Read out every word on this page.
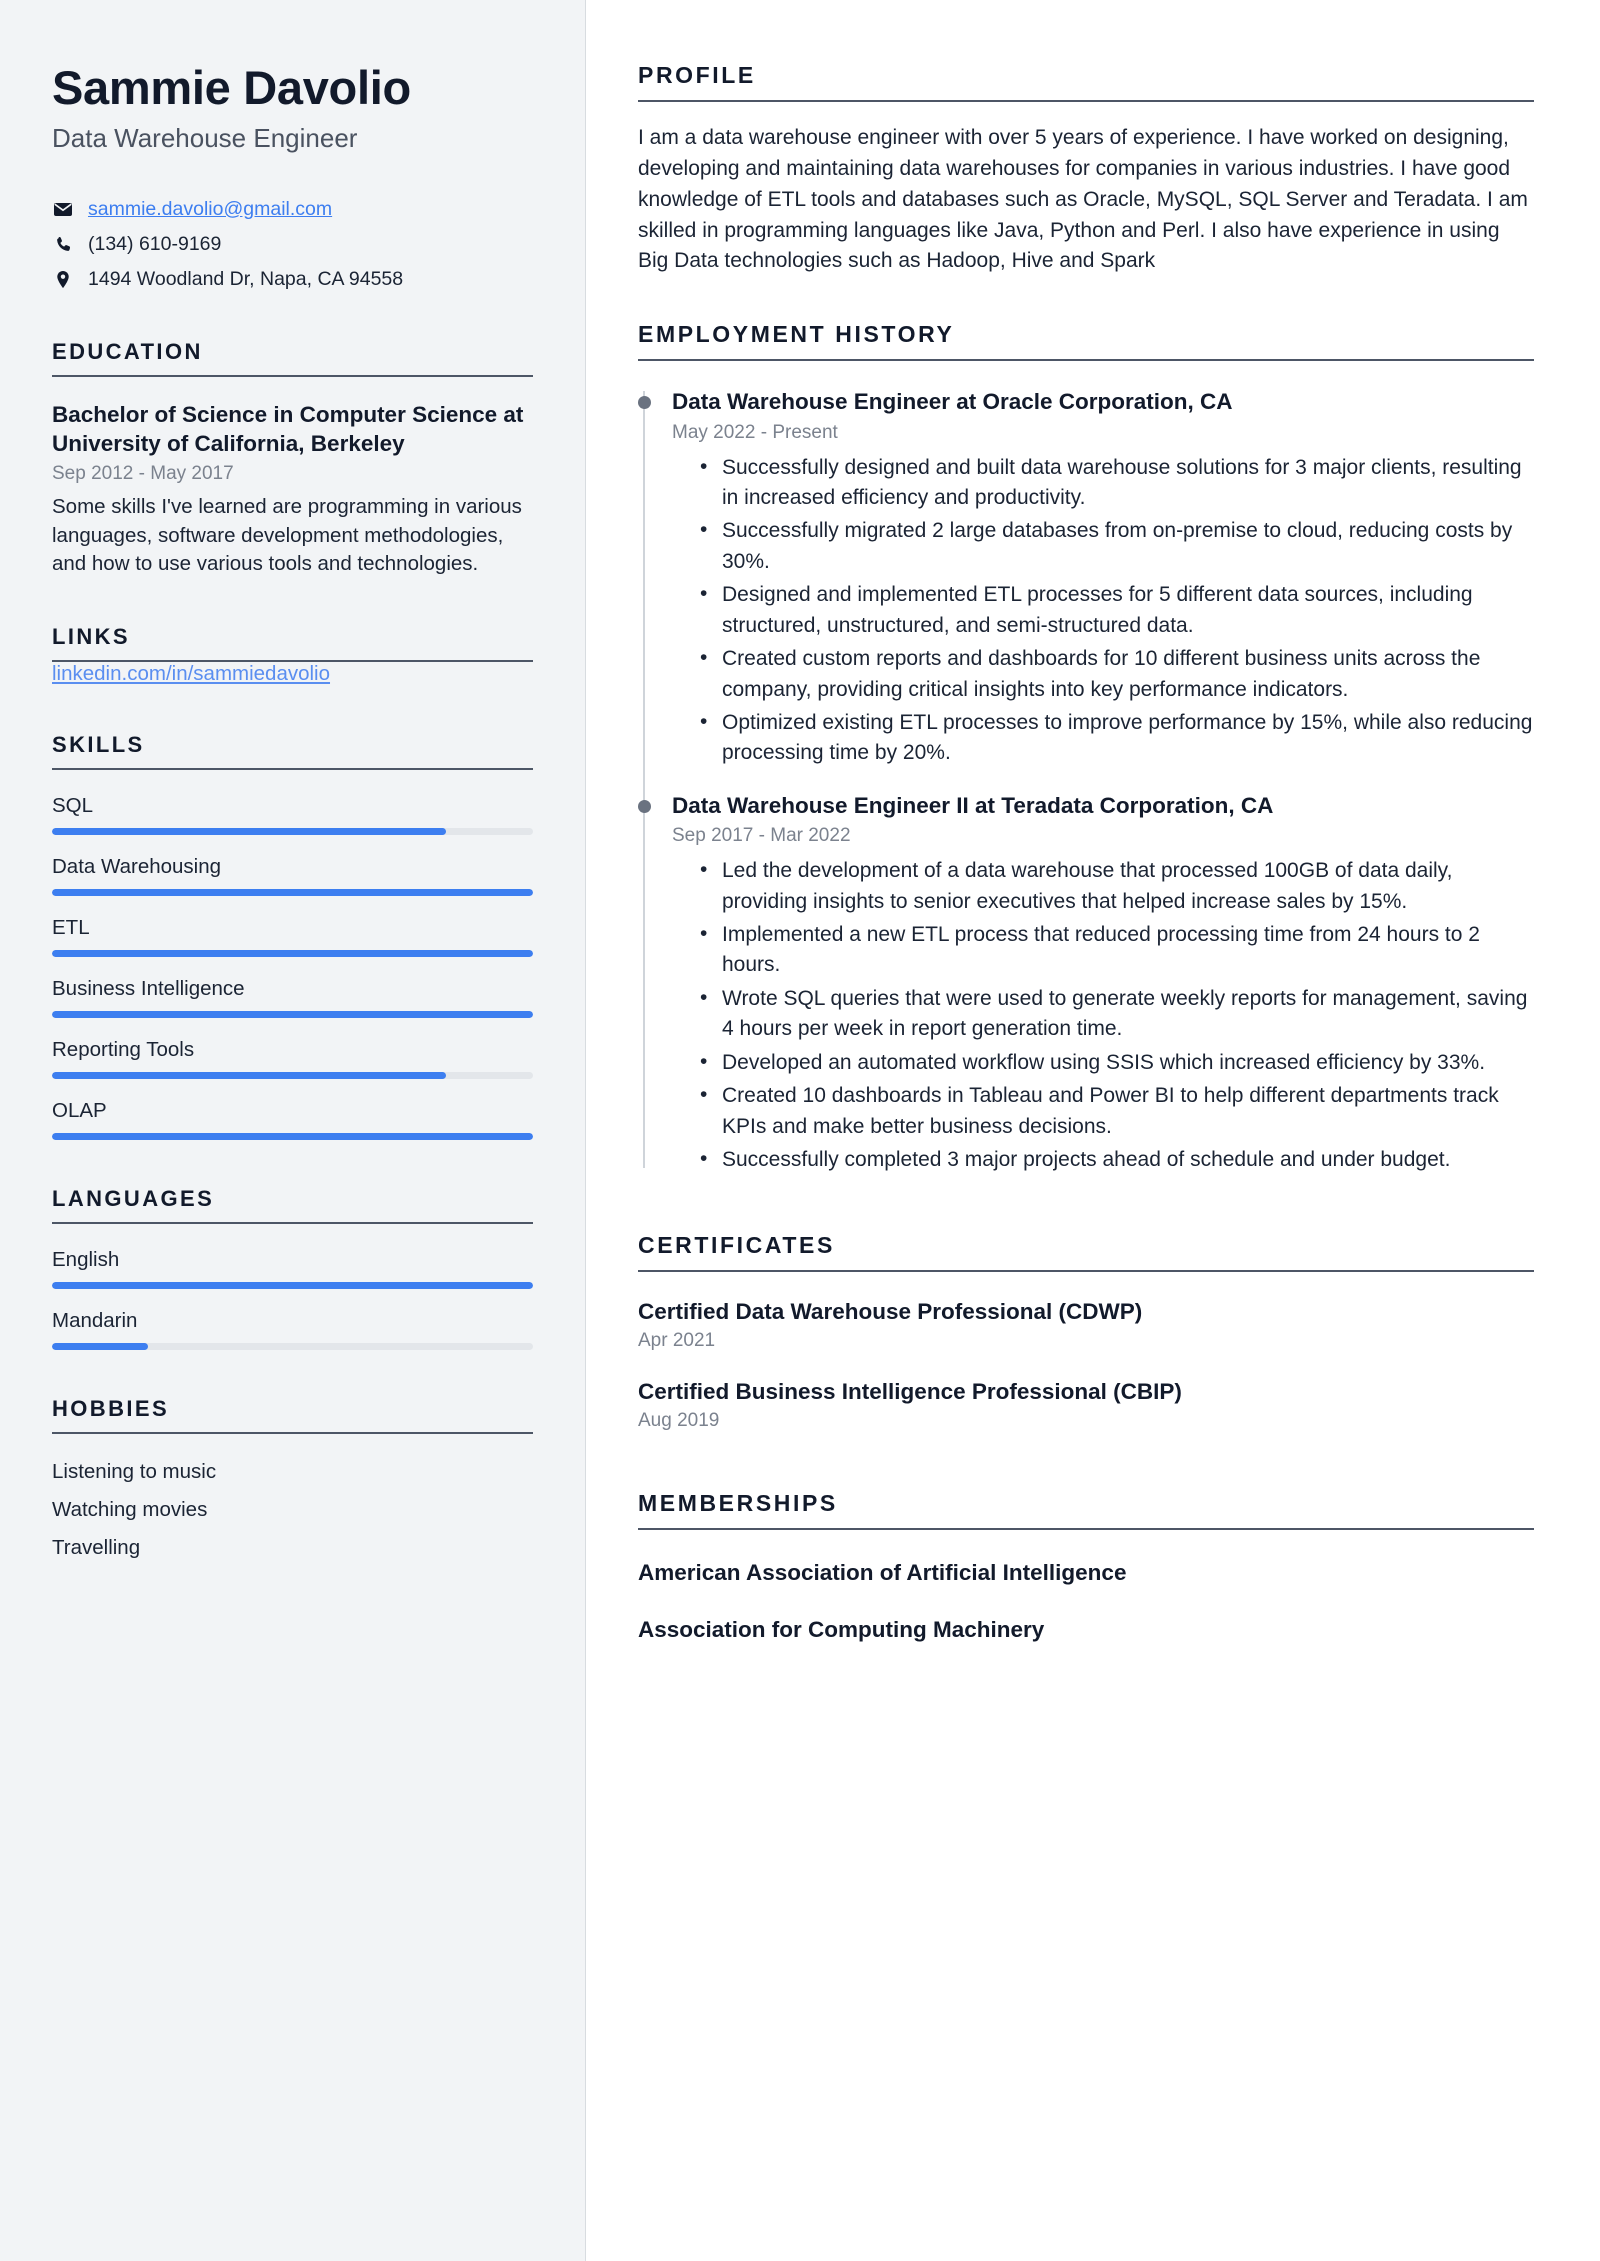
Sammie Davolio
Data Warehouse Engineer
sammie.davolio@gmail.com
(134) 610-9169
1494 Woodland Dr, Napa, CA 94558
EDUCATION
Bachelor of Science in Computer Science at University of California, Berkeley
Sep 2012 - May 2017
Some skills I've learned are programming in various languages, software development methodologies, and how to use various tools and technologies.
LINKS
linkedin.com/in/sammiedavolio
SKILLS
SQL
Data Warehousing
ETL
Business Intelligence
Reporting Tools
OLAP
LANGUAGES
English
Mandarin
HOBBIES
Listening to music
Watching movies
Travelling
PROFILE

I am a data warehouse engineer with over 5 years of experience. I have worked on designing, developing and maintaining data warehouses for companies in various industries. I have good knowledge of ETL tools and databases such as Oracle, MySQL, SQL Server and Teradata. I am skilled in programming languages like Java, Python and Perl. I also have experience in using Big Data technologies such as Hadoop, Hive and Spark

EMPLOYMENT HISTORY
Data Warehouse Engineer at Oracle Corporation, CA
May 2022 - Present
• Successfully designed and built data warehouse solutions for 3 major clients, resulting in increased efficiency and productivity.
• Successfully migrated 2 large databases from on-premise to cloud, reducing costs by 30%.
• Designed and implemented ETL processes for 5 different data sources, including structured, unstructured, and semi-structured data.
• Created custom reports and dashboards for 10 different business units across the company, providing critical insights into key performance indicators.
• Optimized existing ETL processes to improve performance by 15%, while also reducing processing time by 20%.
Data Warehouse Engineer II at Teradata Corporation, CA
Sep 2017 - Mar 2022
• Led the development of a data warehouse that processed 100GB of data daily, providing insights to senior executives that helped increase sales by 15%.
• Implemented a new ETL process that reduced processing time from 24 hours to 2 hours.
• Wrote SQL queries that were used to generate weekly reports for management, saving 4 hours per week in report generation time.
• Developed an automated workflow using SSIS which increased efficiency by 33%.
• Created 10 dashboards in Tableau and Power BI to help different departments track KPIs and make better business decisions.
• Successfully completed 3 major projects ahead of schedule and under budget.
CERTIFICATES
Certified Data Warehouse Professional (CDWP)
Apr 2021
Certified Business Intelligence Professional (CBIP)
Aug 2019
MEMBERSHIPS
American Association of Artificial Intelligence
Association for Computing Machinery
